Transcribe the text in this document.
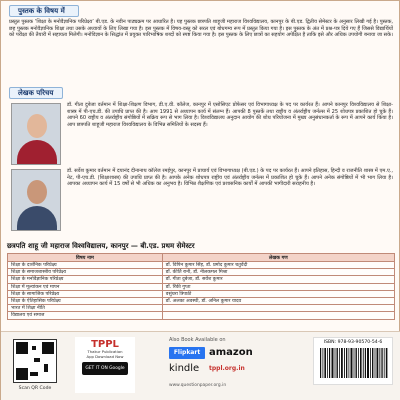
पुस्तक के विषय में
प्रस्तुत पुस्तक ‘शिक्षा के मनोवैज्ञानिक परिप्रेक्ष्य’ बी.एड. के नवीन पाठ्यक्रम पर आधारित है। यह पुस्तक छत्रपति शाहूजी महाराज विश्वविद्यालय, कानपुर के बी.एड. द्वितीय सेमेस्टर के अनुसार लिखी गई है। पुस्तक, छह पुस्तक मनोवैज्ञानिक शिक्षा तथा उसके अध्यायों के लिए लिखा गया है। इस पुस्तक में विषय-वस्तु को सरल एवं बोधगम्य रूप में प्रस्तुत किया गया है। इस पुस्तक के अंत में प्रश्न-पत्र दिये गए हैं जिससे विद्यार्थियों को परीक्षा की तैयारी में सहायता मिलेगी। मनोविज्ञान के सिद्धांत में प्रयुक्त पारिभाषिक शब्दों को स्पष्ट किया गया है। इस पुस्तक के लिए छात्रों का सहयोग अपेक्षित है ताकि इसे और अधिक उपयोगी बनाया जा सके।
लेखक परिचय
डॉ. गीता दुबेजा वर्तमान में शिक्षा-शिक्षण विभाग, डी.ए.वी. कॉलेज, कानपुर में एसोसिएट प्रोफेसर एवं विभागाध्यक्ष के पद पर कार्यरत हैं। आपने कानपुर विश्वविद्यालय से शिक्षा-शास्त्र में पी-एच.डी. की उपाधि प्राप्त की है। आप 1991 से अध्यापन कार्य में संलग्न हैं। आपकी 8 पुस्तकें तथा राष्ट्रीय व अंतर्राष्ट्रीय जर्नल्स में 25 शोधपत्र प्रकाशित हो चुके हैं। आपने 60 राष्ट्रीय व अंतर्राष्ट्रीय संगोष्ठियों में सक्रिय रूप से भाग लिया है। विश्वविद्यालय अनुदान आयोग की शोध परियोजना में मुख्य अनुसंधानकर्ता के रूप में आपने कार्य किया है। आप छत्रपति शाहूजी महाराज विश्वविद्यालय के विभिन्न समितियों के सदस्य हैं।
डॉ. सर्वेश कुमार वर्तमान में दयानंद दीनानाथ कॉलेज रमईपुर, कानपुर में प्राचार्य एवं विभागाध्यक्ष (बी.एड.) के पद पर कार्यरत हैं। आपने इतिहास, हिन्दी व राजनीति शास्त्र में एम.ए., नेट, पी-एच.डी. (शिक्षाशास्त्र) की उपाधि प्राप्त की है। आपके अनेक शोधपत्र राष्ट्रीय एवं अंतर्राष्ट्रीय जर्नल्स में प्रकाशित हो चुके हैं। आपने अनेक संगोष्ठियों में भी भाग लिया है। आपका अध्यापन कार्य में 15 वर्षों से भी अधिक का अनुभव है। विभिन्न शैक्षणिक एवं प्रशासनिक कार्यों में आपकी भागीदारी सराहनीय है।
छत्रपति शाहू जी महाराज विश्वविद्यालय, कानपुर — बी.एड. प्रथम सेमेस्टर
विषय नाम	लेखक गण
शिक्षा के दार्शनिक परिप्रेक्ष्य	डॉ. विपिन कुमार सिंह, डॉ. प्रमोद कुमार चतुर्वेदी
शिक्षा के समाजशास्त्रीय परिप्रेक्ष्य	डॉ. कीर्ति रानी, डॉ. नीलकमल मिश्रा
शिक्षा के मनोवैज्ञानिक परिप्रेक्ष्य	डॉ. गीता दुबेजा, डॉ. सर्वेश कुमार
शिक्षा में मूल्यांकन एवं मापन	डॉ. रिंकी गुप्ता
शिक्षा के सामाजिक परिप्रेक्ष्य	वसुंधरा त्रिपाठी
शिक्षा के ऐतिहासिक परिप्रेक्ष्य	डॉ. अलका अवस्थी, डॉ. अनिल कुमार यादव
भारत में शिक्षा नीति	
विद्यालय एवं समाज	
Scan QR Code
TPPL
Thakur Publication
App Download Now
GET IT ON Google Play
Also Book Available on
Flipkart amazon
kindle tppl.org.in
www.questionpaper.org.in
ISBN: 978-93-90570-54-6
